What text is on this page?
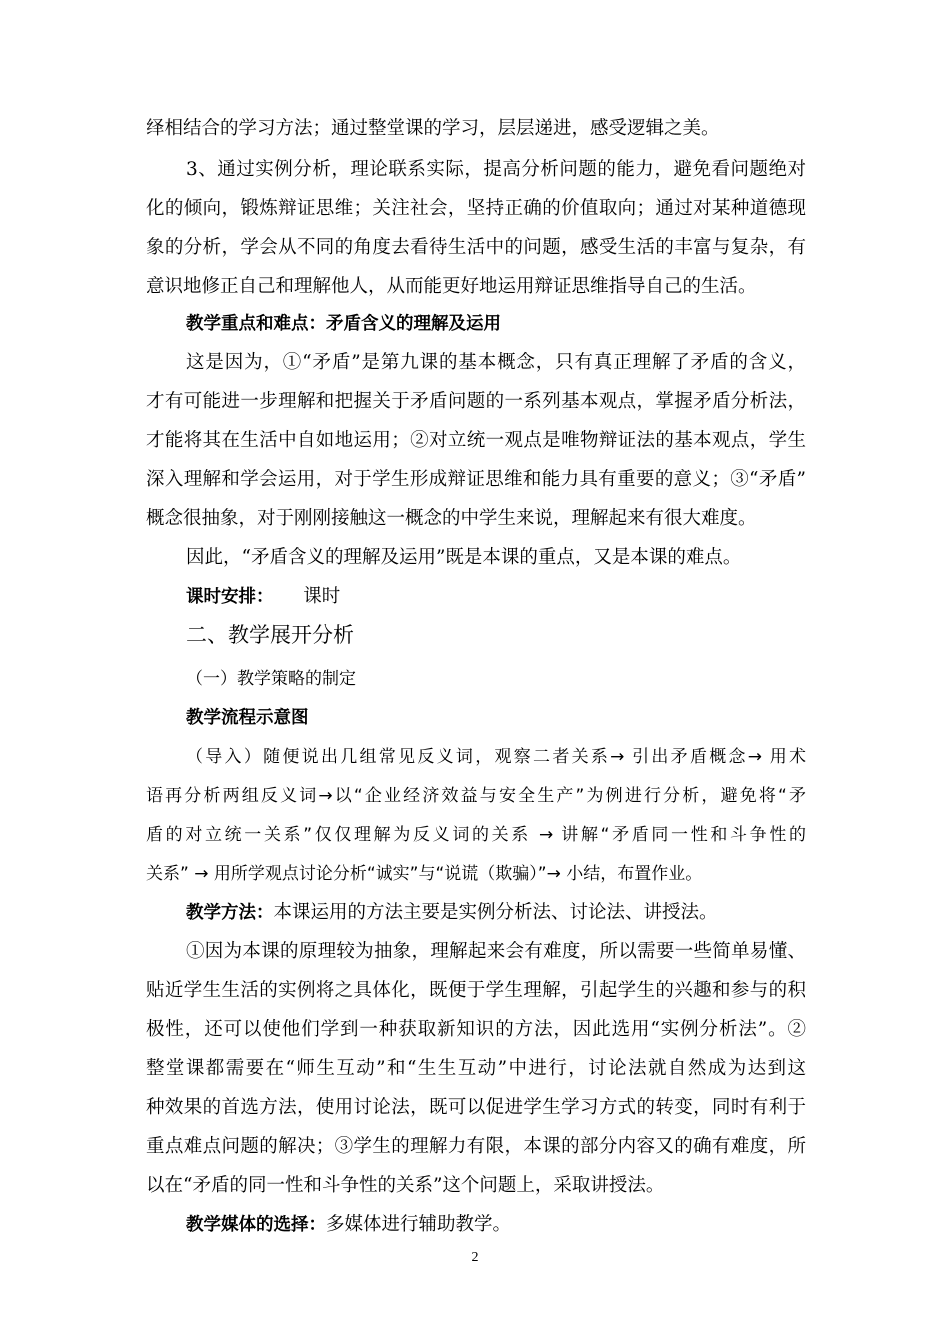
绎相结合的学习方法；通过整堂课的学习，层层递进，感受逻辑之美。
3、通过实例分析，理论联系实际，提高分析问题的能力，避免看问题绝对
化的倾向，锻炼辩证思维；关注社会，坚持正确的价值取向；通过对某种道德现
象的分析，学会从不同的角度去看待生活中的问题，感受生活的丰富与复杂，有
意识地修正自己和理解他人，从而能更好地运用辩证思维指导自己的生活。
教学重点和难点：矛盾含义的理解及运用
这是因为，①“矛盾”是第九课的基本概念，只有真正理解了矛盾的含义，
才有可能进一步理解和把握关于矛盾问题的一系列基本观点，掌握矛盾分析法，
才能将其在生活中自如地运用；②对立统一观点是唯物辩证法的基本观点，学生
深入理解和学会运用，对于学生形成辩证思维和能力具有重要的意义；③“矛盾”
概念很抽象，对于刚刚接触这一概念的中学生来说，理解起来有很大难度。
因此，“矛盾含义的理解及运用”既是本课的重点，又是本课的难点。
课时安排： 课时
二、教学展开分析
（一）教学策略的制定
教学流程示意图
（导入）随便说出几组常见反义词，观察二者关系→ 引出矛盾概念→ 用术
语再分析两组反义词→以“企业经济效益与安全生产”为例进行分析，避免将“矛
盾的对立统一关系”仅仅理解为反义词的关系 → 讲解“矛盾同一性和斗争性的
关系” → 用所学观点讨论分析“诚实”与“说谎（欺骗）”→ 小结，布置作业。
教学方法：本课运用的方法主要是实例分析法、讨论法、讲授法。
①因为本课的原理较为抽象，理解起来会有难度，所以需要一些简单易懂、
贴近学生生活的实例将之具体化，既便于学生理解，引起学生的兴趣和参与的积
极性，还可以使他们学到一种获取新知识的方法，因此选用“实例分析法”。②
整堂课都需要在“师生互动”和“生生互动”中进行，讨论法就自然成为达到这
种效果的首选方法，使用讨论法，既可以促进学生学习方式的转变，同时有利于
重点难点问题的解决；③学生的理解力有限，本课的部分内容又的确有难度，所
以在“矛盾的同一性和斗争性的关系”这个问题上，采取讲授法。
教学媒体的选择：多媒体进行辅助教学。
2
